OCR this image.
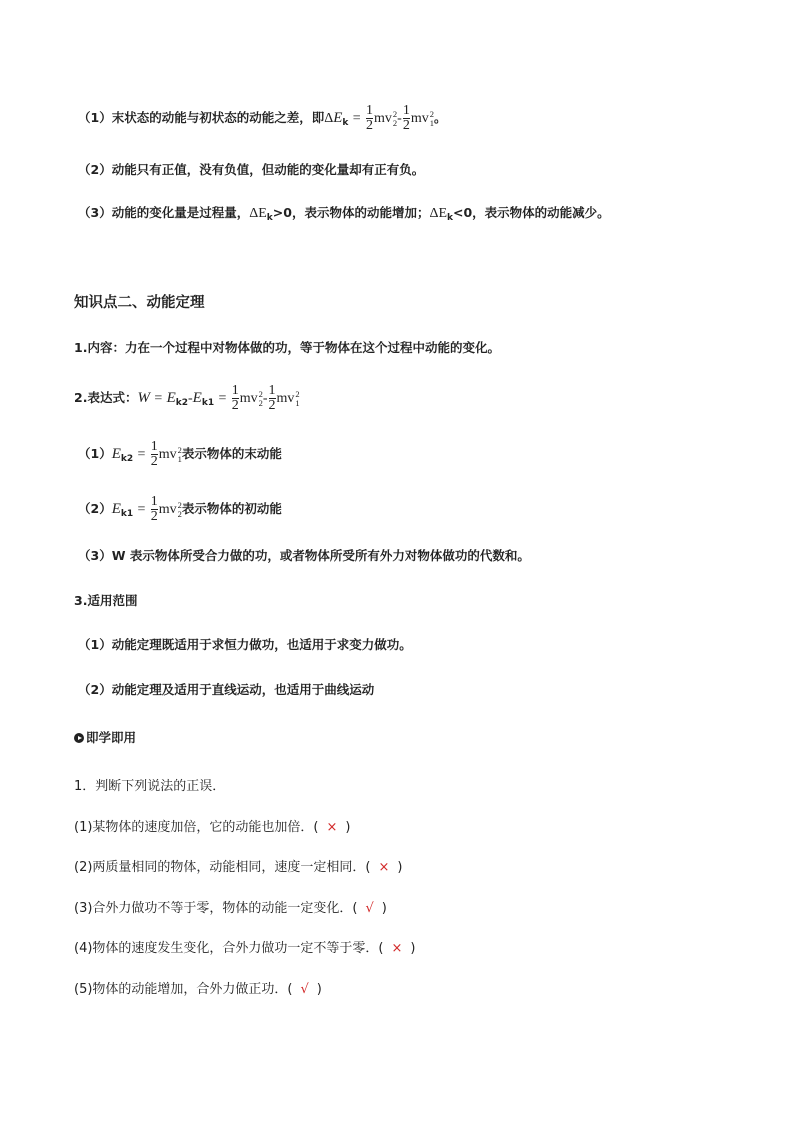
（1）末状态的动能与初状态的动能之差，即$\Delta E_k = \frac{1}{2}$ mv 2
$2 - \frac{1}{2}$ mv 2
1 。
（2）动能只有正值，没有负值，但动能的变化量却有正有负。
（3）动能的变化量是过程量，$\Delta E_k>0$，表示物体的动能增加；$\Delta E_k<0$，表示物体的动能减少。
知识点二、动能定理
1.内容：力在一个过程中对物体做的功，等于物体在这个过程中动能的变化。
2.表达式：$W = E_{k2}-E_{k1} = \frac{1}{2}$ mv 2
$2 - \frac{1}{2}$ mv 2
1
$(1)E_{k2} = \frac{1}{2}$ mv 2
1 表示物体的末动能
$(2)E_{k1} = \frac{1}{2}$ mv 2
2 表示物体的初动能
（3）W 表示物体所受合力做的功，或者物体所受所有外力对物体做功的代数和。
3.适用范围
（1）动能定理既适用于求恒力做功，也适用于求变力做功。
（2）动能定理及适用于直线运动，也适用于曲线运动
即学即用
1．判断下列说法的正误．
(1)某物体的速度加倍，它的动能也加倍．( × )
(2)两质量相同的物体，动能相同，速度一定相同．( × )
(3)合外力做功不等于零，物体的动能一定变化．( √ )
(4)物体的速度发生变化，合外力做功一定不等于零．( × )
(5)物体的动能增加，合外力做正功．( √ )
